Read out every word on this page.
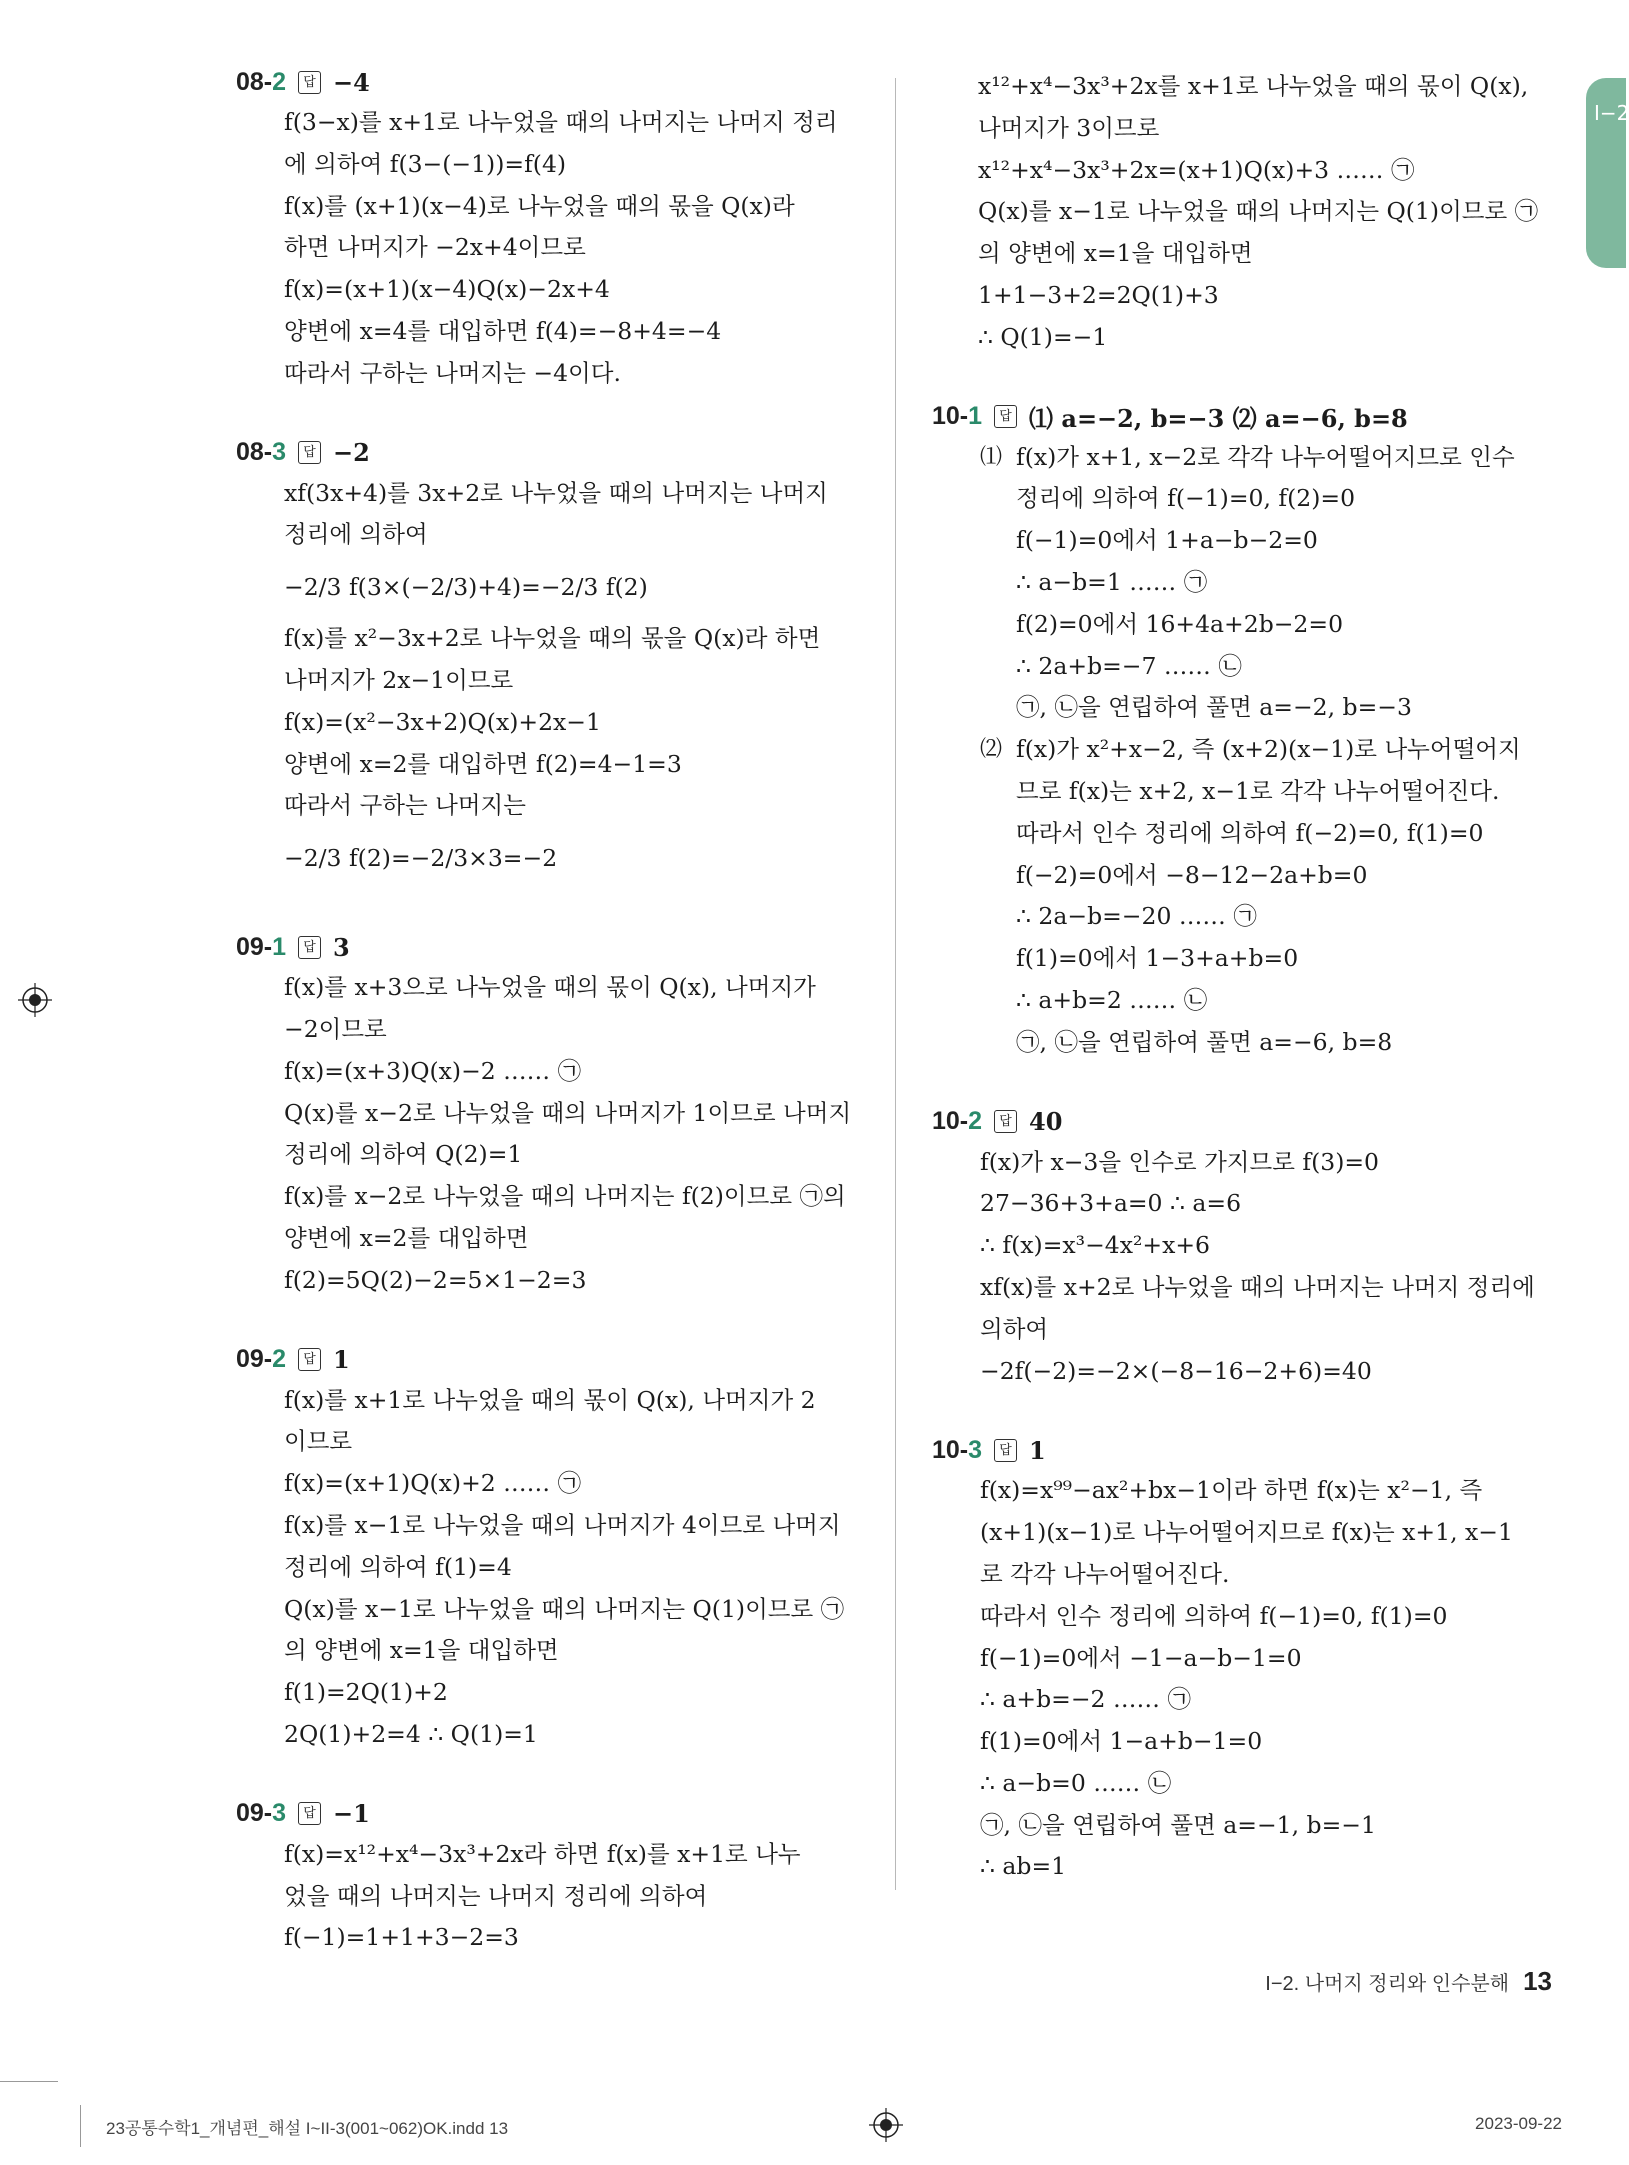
I−2
08-2	답 −4
f(3−x)를 x+1로 나누었을 때의 나머지는 나머지 정리
에 의하여 f(3−(−1))=f(4)
f(x)를 (x+1)(x−4)로 나누었을 때의 몫을 Q(x)라
하면 나머지가 −2x+4이므로
f(x)=(x+1)(x−4)Q(x)−2x+4
양변에 x=4를 대입하면 f(4)=−8+4=−4
따라서 구하는 나머지는 −4이다.
08-3	답 −2
xf(3x+4)를 3x+2로 나누었을 때의 나머지는 나머지
정리에 의하여
−2/3 f(3×(−2/3)+4)=−2/3 f(2)
f(x)를 x²−3x+2로 나누었을 때의 몫을 Q(x)라 하면
나머지가 2x−1이므로
f(x)=(x²−3x+2)Q(x)+2x−1
양변에 x=2를 대입하면 f(2)=4−1=3
따라서 구하는 나머지는
−2/3 f(2)=−2/3×3=−2
09-1	답 3
f(x)를 x+3으로 나누었을 때의 몫이 Q(x), 나머지가
−2이므로
f(x)=(x+3)Q(x)−2 …… ㉠
Q(x)를 x−2로 나누었을 때의 나머지가 1이므로 나머지
정리에 의하여 Q(2)=1
f(x)를 x−2로 나누었을 때의 나머지는 f(2)이므로 ㉠의
양변에 x=2를 대입하면
f(2)=5Q(2)−2=5×1−2=3
09-2	답 1
f(x)를 x+1로 나누었을 때의 몫이 Q(x), 나머지가 2
이므로
f(x)=(x+1)Q(x)+2 …… ㉠
f(x)를 x−1로 나누었을 때의 나머지가 4이므로 나머지
정리에 의하여 f(1)=4
Q(x)를 x−1로 나누었을 때의 나머지는 Q(1)이므로 ㉠
의 양변에 x=1을 대입하면
f(1)=2Q(1)+2
2Q(1)+2=4 ∴ Q(1)=1
09-3	답 −1
f(x)=x¹²+x⁴−3x³+2x라 하면 f(x)를 x+1로 나누
었을 때의 나머지는 나머지 정리에 의하여
f(−1)=1+1+3−2=3
x¹²+x⁴−3x³+2x를 x+1로 나누었을 때의 몫이 Q(x),
나머지가 3이므로
x¹²+x⁴−3x³+2x=(x+1)Q(x)+3 …… ㉠
Q(x)를 x−1로 나누었을 때의 나머지는 Q(1)이므로 ㉠
의 양변에 x=1을 대입하면
1+1−3+2=2Q(1)+3
∴ Q(1)=−1
10-1	답 ⑴ a=−2, b=−3 ⑵ a=−6, b=8
⑴ f(x)가 x+1, x−2로 각각 나누어떨어지므로 인수
정리에 의하여 f(−1)=0, f(2)=0
f(−1)=0에서 1+a−b−2=0
∴ a−b=1 …… ㉠
f(2)=0에서 16+4a+2b−2=0
∴ 2a+b=−7 …… ㉡
㉠, ㉡을 연립하여 풀면 a=−2, b=−3
⑵ f(x)가 x²+x−2, 즉 (x+2)(x−1)로 나누어떨어지
므로 f(x)는 x+2, x−1로 각각 나누어떨어진다.
따라서 인수 정리에 의하여 f(−2)=0, f(1)=0
f(−2)=0에서 −8−12−2a+b=0
∴ 2a−b=−20 …… ㉠
f(1)=0에서 1−3+a+b=0
∴ a+b=2 …… ㉡
㉠, ㉡을 연립하여 풀면 a=−6, b=8
10-2	답 40
f(x)가 x−3을 인수로 가지므로 f(3)=0
27−36+3+a=0 ∴ a=6
∴ f(x)=x³−4x²+x+6
xf(x)를 x+2로 나누었을 때의 나머지는 나머지 정리에
의하여
−2f(−2)=−2×(−8−16−2+6)=40
10-3	답 1
f(x)=x⁹⁹−ax²+bx−1이라 하면 f(x)는 x²−1, 즉
(x+1)(x−1)로 나누어떨어지므로 f(x)는 x+1, x−1
로 각각 나누어떨어진다.
따라서 인수 정리에 의하여 f(−1)=0, f(1)=0
f(−1)=0에서 −1−a−b−1=0
∴ a+b=−2 …… ㉠
f(1)=0에서 1−a+b−1=0
∴ a−b=0 …… ㉡
㉠, ㉡을 연립하여 풀면 a=−1, b=−1
∴ ab=1
I−2. 나머지 정리와 인수분해 13
23공통수학1_개념편_해설 I~II-3(001~062)OK.indd 13	2023-09-22
